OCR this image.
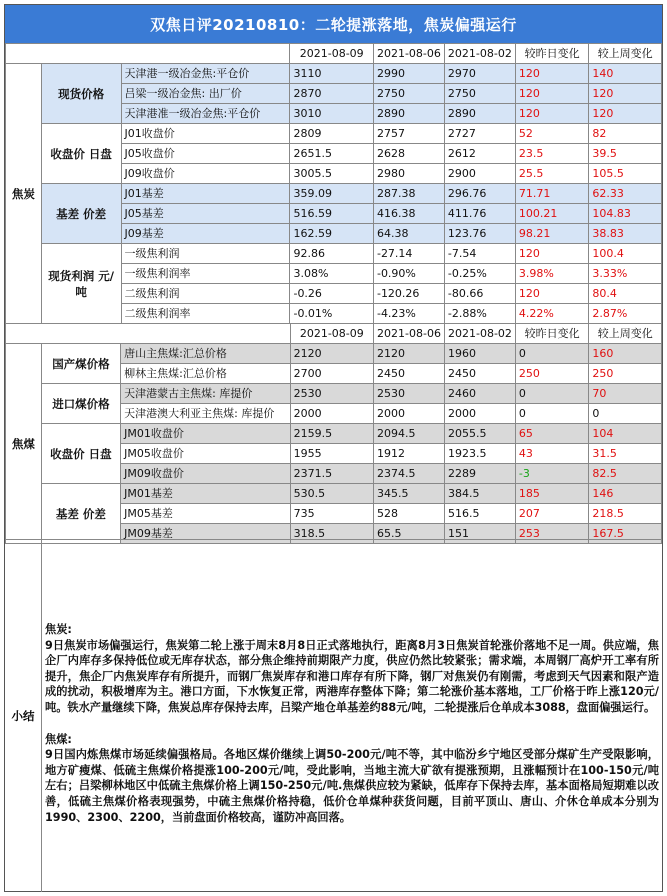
双焦日评20210810：二轮提涨落地，焦炭偏强运行
			2021-08-09	2021-08-06	2021-08-02	较昨日变化	较上周变化
焦炭	现货价格	天津港一级冶金焦:平仓价	3110	2990	2970	120	140
		吕梁一级冶金焦: 出厂价	2870	2750	2750	120	120
		天津港准一级冶金焦:平仓价	3010	2890	2890	120	120
	收盘价 日盘	J01收盘价	2809	2757	2727	52	82
		J05收盘价	2651.5	2628	2612	23.5	39.5
		J09收盘价	3005.5	2980	2900	25.5	105.5
	基差 价差	J01基差	359.09	287.38	296.76	71.71	62.33
		J05基差	516.59	416.38	411.76	100.21	104.83
		J09基差	162.59	64.38	123.76	98.21	38.83
	现货利润 元/吨	一级焦利润	92.86	-27.14	-7.54	120	100.4
		一级焦利润率	3.08%	-0.90%	-0.25%	3.98%	3.33%
		二级焦利润	-0.26	-120.26	-80.66	120	80.4
		二级焦利润率	-0.01%	-4.23%	-2.88%	4.22%	2.87%
			2021-08-09	2021-08-06	2021-08-02	较昨日变化	较上周变化
焦煤	国产煤价格	唐山主焦煤:汇总价格	2120	2120	1960	0	160
		柳林主焦煤:汇总价格	2700	2450	2450	250	250
	进口煤价格	天津港蒙古主焦煤: 库提价	2530	2530	2460	0	70
		天津港澳大利亚主焦煤: 库提价	2000	2000	2000	0	0
	收盘价 日盘	JM01收盘价	2159.5	2094.5	2055.5	65	104
		JM05收盘价	1955	1912	1923.5	43	31.5
		JM09收盘价	2371.5	2374.5	2289	-3	82.5
	基差 价差	JM01基差	530.5	345.5	384.5	185	146
		JM05基差	735	528	516.5	207	218.5
		JM09基差	318.5	65.5	151	253	167.5
小结

焦炭:

9日焦炭市场偏强运行，焦炭第二轮上涨于周末8月8日正式落地执行，距离8月3日焦炭首轮涨价落地不足一周。供应端，焦企厂内库存多保持低位或无库存状态，部分焦企维持前期限产力度，供应仍然比较紧张；需求端，本周钢厂高炉开工率有所提升，焦企厂内焦炭库存有所提升，而钢厂焦炭库存和港口库存有所下降，钢厂对焦炭仍有刚需，考虑到天气因素和限产造成的扰动，积极增库为主。港口方面，下水恢复正常，两港库存整体下降；第二轮涨价基本落地，工厂价格于昨上涨120元/吨。铁水产量继续下降，焦炭总库存保持去库，吕梁产地仓单基差约88元/吨，二轮提涨后仓单成本3088，盘面偏强运行。

焦煤:

9日国内炼焦煤市场延续偏强格局。各地区煤价继续上调50-200元/吨不等，其中临汾乡宁地区受部分煤矿生产受限影响，地方矿瘦煤、低硫主焦煤价格提涨100-200元/吨，受此影响，当地主流大矿欲有提涨预期，且涨幅预计在100-150元/吨左右；吕梁柳林地区中低硫主焦煤价格上调150-250元/吨.焦煤供应较为紧缺，低库存下保持去库，基本面格局短期难以改善，低硫主焦煤价格表现强势，中硫主焦煤价格持稳，低价仓单煤种获货问题，目前平顶山、唐山、介休仓单成本分别为1990、2300、2200，当前盘面价格较高，谨防冲高回落。
